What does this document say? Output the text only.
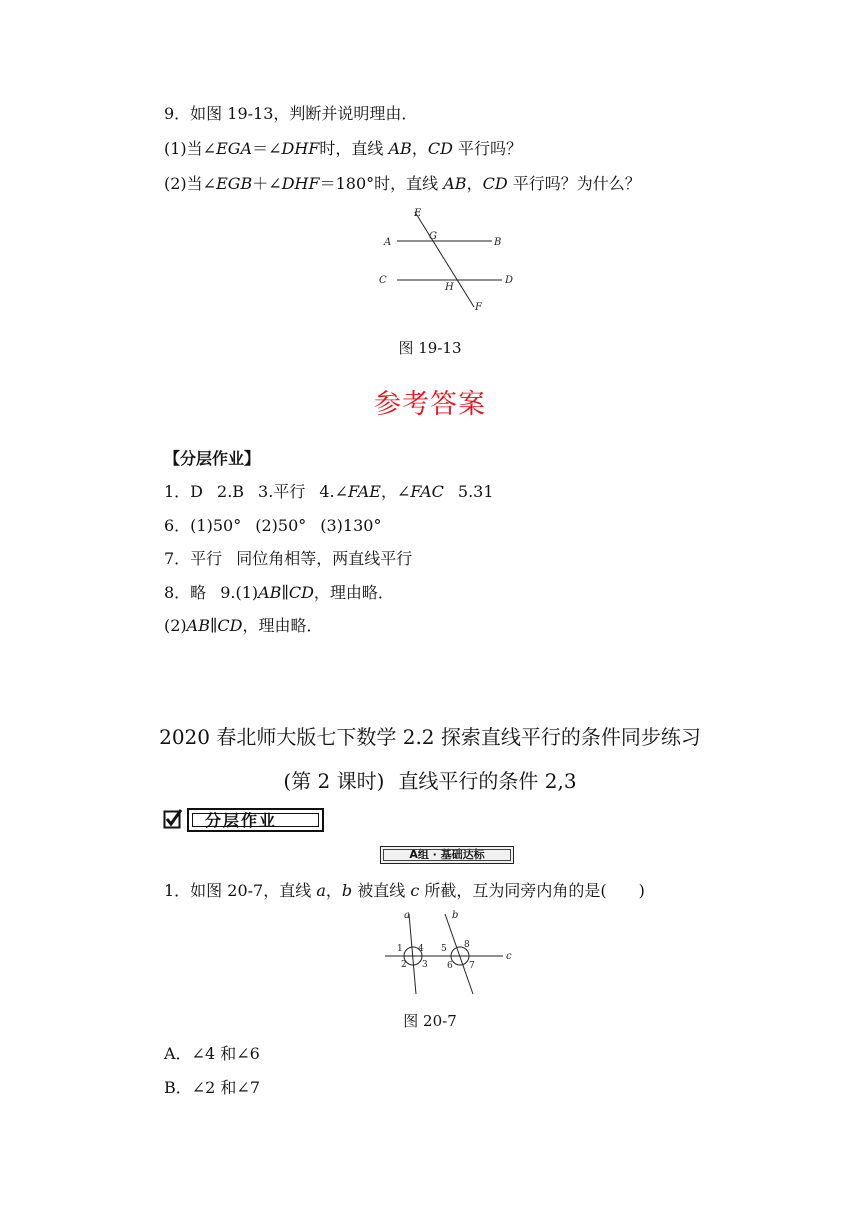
9．如图 19-13，判断并说明理由．
(1)当∠EGA＝∠DHF时，直线 AB，CD 平行吗？
(2)当∠EGB＋∠DHF＝180°时，直线 AB，CD 平行吗？为什么？
E
G
A	B
C	D
H
F
图 19-13
参考答案
【分层作业】
1．D 2.B 3.平行 4.∠FAE，∠FAC 5.31
6．(1)50° (2)50° (3)130°
7．平行 同位角相等，两直线平行
8．略 9.(1)AB∥CD，理由略．
(2)AB∥CD，理由略．
2020 春北师大版七下数学 2.2 探索直线平行的条件同步练习
(第 2 课时) 直线平行的条件 2,3
分层作业
A组 · 基础达标
1．如图 20-7，直线 a，b 被直线 c 所截，互为同旁内角的是(　　)
a	b
c
1 4
2 3
5 8
6 7
图 20-7
A．∠4 和∠6
B．∠2 和∠7
